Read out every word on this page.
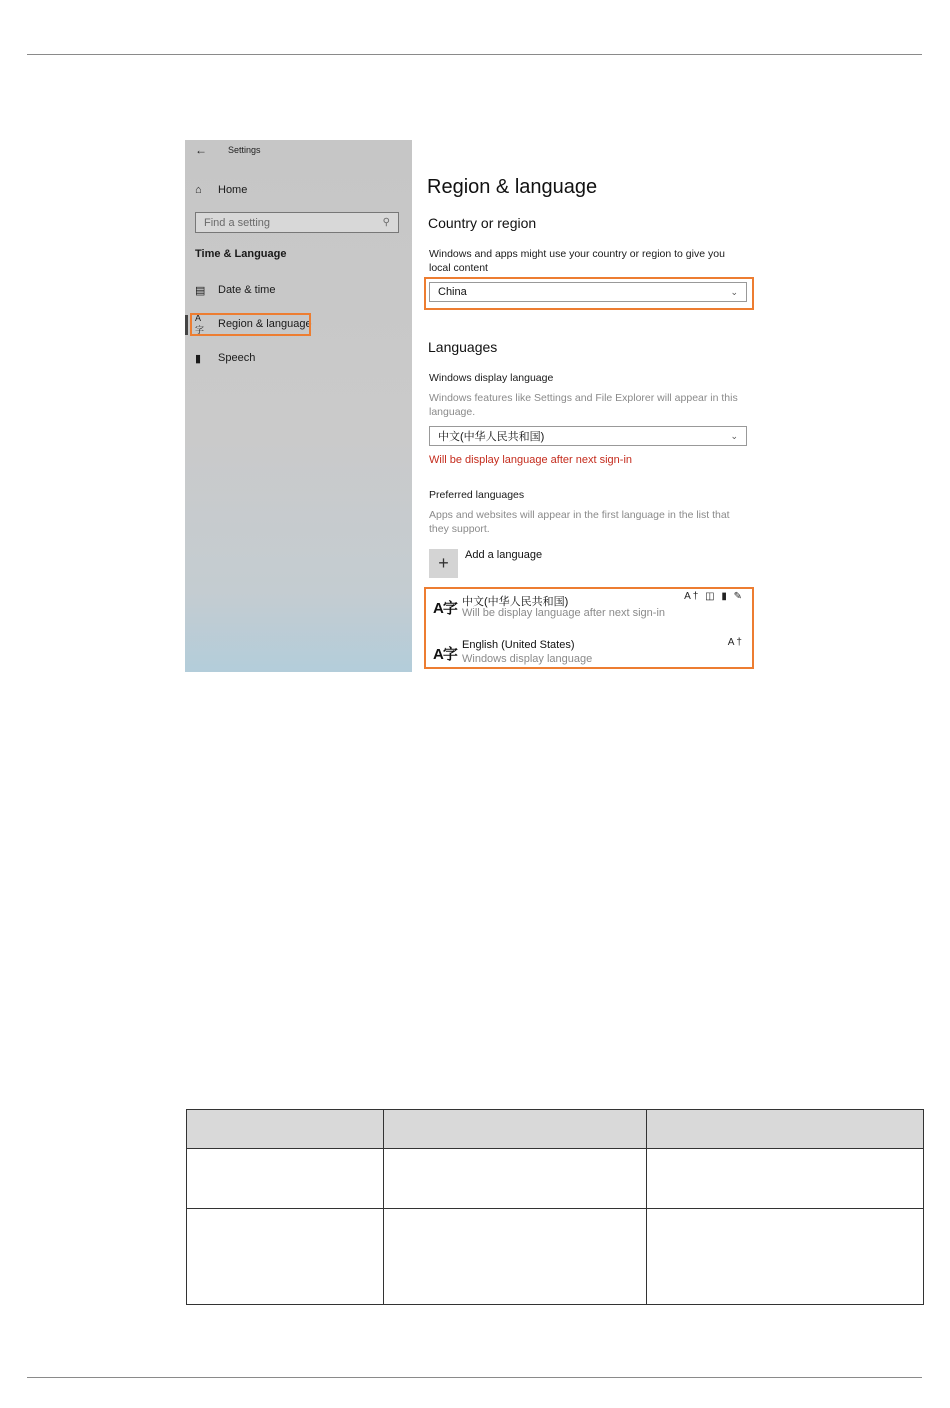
← Settings
⌂	Home
Find a setting	⚲
Time & Language
▤	Date & time
A字	Region & language
▮	Speech
Region & language
Country or region
Windows and apps might use your country or region to give you local content
China	⌄
Languages
Windows display language
Windows features like Settings and File Explorer will appear in this language.
中文(中华人民共和国)	⌄
Will be display language after next sign-in
Preferred languages
Apps and websites will appear in the first language in the list that they support.
+	Add a language
A字 中文(中华人民共和国)
Will be display language after next sign-in
A† ◫ ▮ ✎
A字
English (United States)
Windows display language
A†
